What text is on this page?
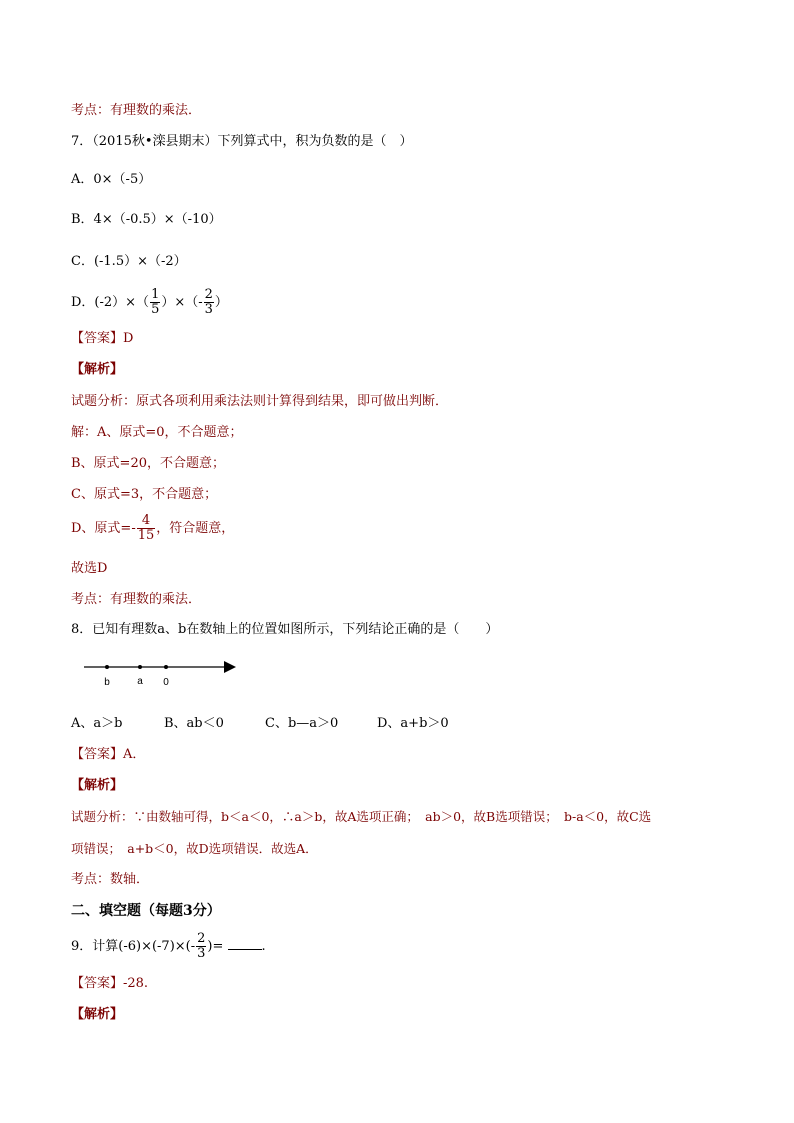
考点：有理数的乘法．
7．（2015秋•滦县期末）下列算式中，积为负数的是（　）
A．0×（-5）
B．4×（-0.5）×（-10）
C．(-1.5）×（-2）
D．$(-2)\times( \frac{1}{5}$ ）×（- $\frac{2}{3}$ ）
【答案】D
【解析】
试题分析：原式各项利用乘法法则计算得到结果，即可做出判断．
解：A、原式=0，不合题意；
B、原式=20，不合题意；
C、原式=3，不合题意；
D、原式=- $\frac{4}{15}$ ，符合题意，
故选D
考点：有理数的乘法．
8．已知有理数a、b在数轴上的位置如图所示，下列结论正确的是（　　）
b	a 0
A、a＞b	B、ab＜0	C、b—a＞0	D、a+b＞0
【答案】A．
【解析】
试题分析：∵由数轴可得，b＜a＜0，∴a＞b，故A选项正确；　ab＞0，故B选项错误；　b-a＜0，故C选
项错误；　a+b＜0，故D选项错误．故选A．
考点：数轴．
二、填空题（每题3分）
9．计算$(-6)\times(-7)\times(- \frac{2}{3}$ )=	.
【答案】-28.
【解析】
